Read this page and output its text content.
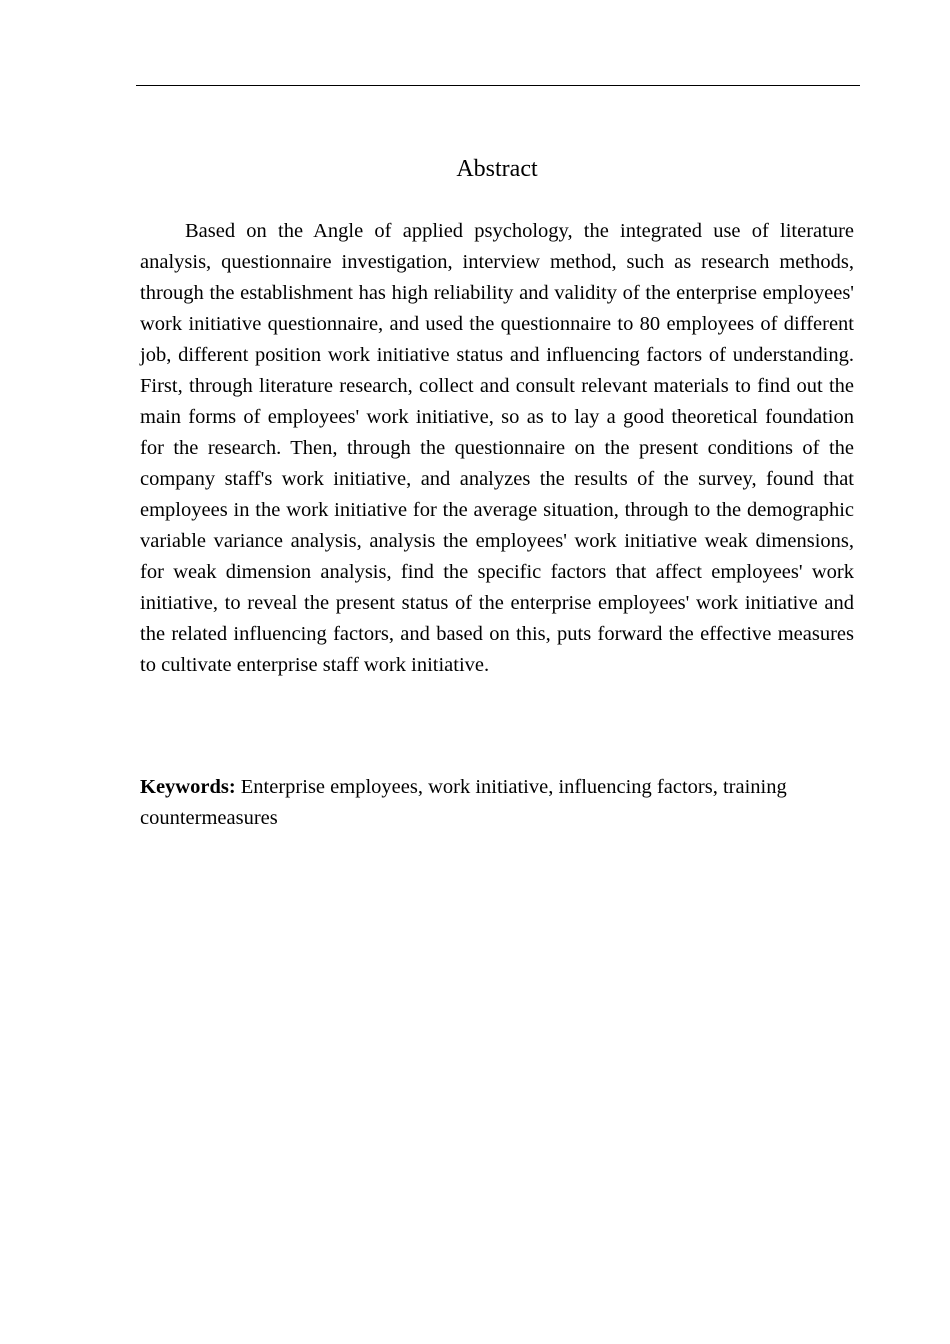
Abstract

Based on the Angle of applied psychology, the integrated use of literature analysis, questionnaire investigation, interview method, such as research methods, through the establishment has high reliability and validity of the enterprise employees' work initiative questionnaire, and used the questionnaire to 80 employees of different job, different position work initiative status and influencing factors of understanding. First, through literature research, collect and consult relevant materials to find out the main forms of employees' work initiative, so as to lay a good theoretical foundation for the research. Then, through the questionnaire on the present conditions of the company staff's work initiative, and analyzes the results of the survey, found that employees in the work initiative for the average situation, through to the demographic variable variance analysis, analysis the employees' work initiative weak dimensions, for weak dimension analysis, find the specific factors that affect employees' work initiative, to reveal the present status of the enterprise employees' work initiative and the related influencing factors, and based on this, puts forward the effective measures to cultivate enterprise staff work initiative.

Keywords: Enterprise employees, work initiative, influencing factors, training countermeasures
